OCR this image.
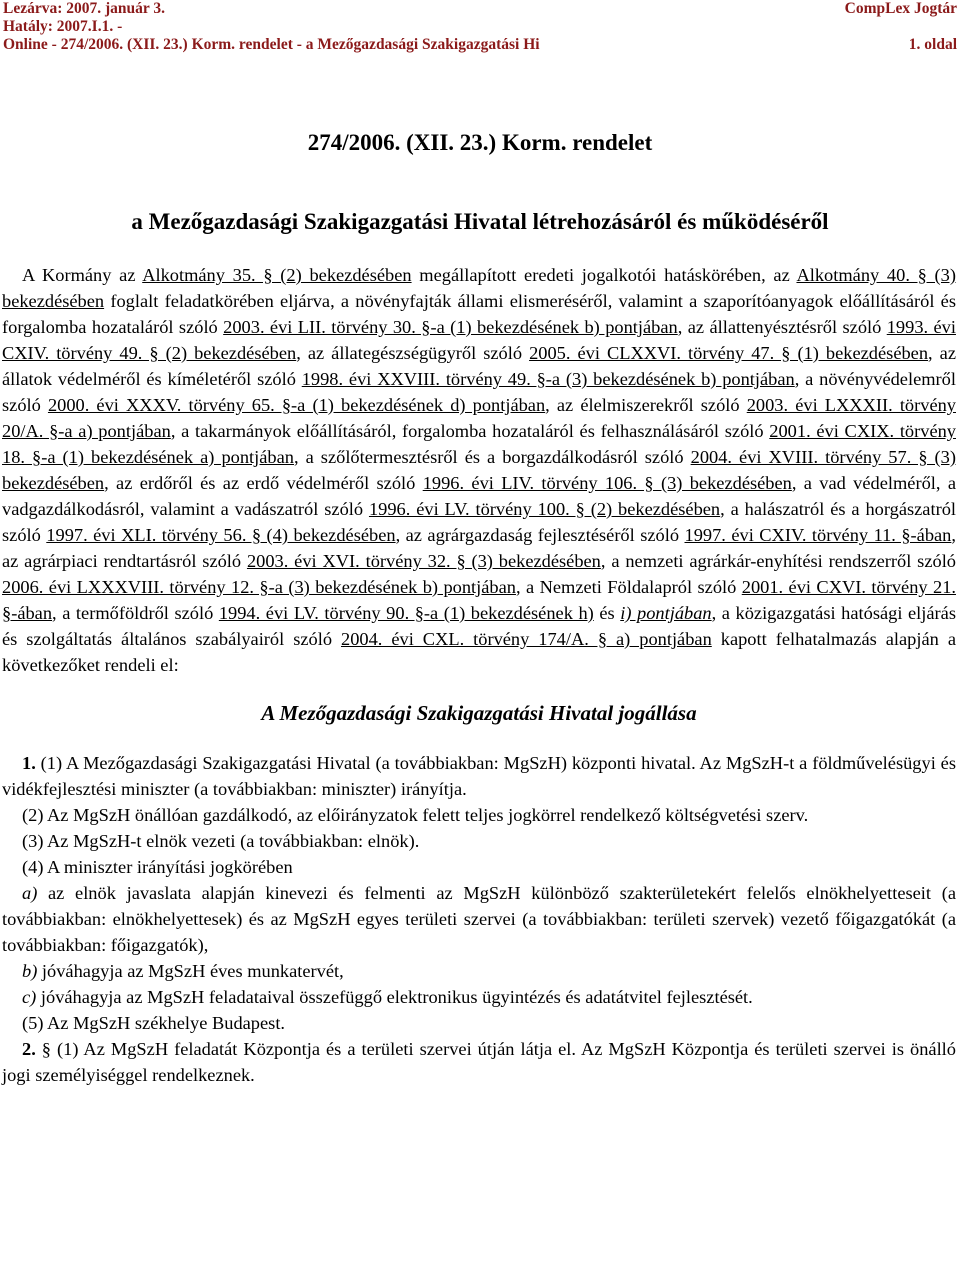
Lezárva: 2007. január 3.	CompLex Jogtár
Hatály: 2007.I.1. -
Online - 274/2006. (XII. 23.) Korm. rendelet - a Mezőgazdasági Szakigazgatási Hi	1. oldal
274/2006. (XII. 23.) Korm. rendelet
a Mezőgazdasági Szakigazgatási Hivatal létrehozásáról és működéséről

A Kormány az Alkotmány 35. § (2) bekezdésében megállapított eredeti jogalkotói hatáskörében, az Alkotmány 40. § (3) bekezdésében foglalt feladatkörében eljárva, a növényfajták állami elismeréséről, valamint a szaporítóanyagok előállításáról és forgalomba hozataláról szóló 2003. évi LII. törvény 30. §-a (1) bekezdésének b) pontjában, az állattenyésztésről szóló 1993. évi CXIV. törvény 49. § (2) bekezdésében, az állategészségügyről szóló 2005. évi CLXXVI. törvény 47. § (1) bekezdésében, az állatok védelméről és kíméletéről szóló 1998. évi XXVIII. törvény 49. §-a (3) bekezdésének b) pontjában, a növényvédelemről szóló 2000. évi XXXV. törvény 65. §-a (1) bekezdésének d) pontjában, az élelmiszerekről szóló 2003. évi LXXXII. törvény 20/A. §-a a) pontjában, a takarmányok előállításáról, forgalomba hozataláról és felhasználásáról szóló 2001. évi CXIX. törvény 18. §-a (1) bekezdésének a) pontjában, a szőlőtermesztésről és a borgazdálkodásról szóló 2004. évi XVIII. törvény 57. § (3) bekezdésében, az erdőről és az erdő védelméről szóló 1996. évi LIV. törvény 106. § (3) bekezdésében, a vad védelméről, a vadgazdálkodásról, valamint a vadászatról szóló 1996. évi LV. törvény 100. § (2) bekezdésében, a halászatról és a horgászatról szóló 1997. évi XLI. törvény 56. § (4) bekezdésében, az agrárgazdaság fejlesztéséről szóló 1997. évi CXIV. törvény 11. §-ában, az agrárpiaci rendtartásról szóló 2003. évi XVI. törvény 32. § (3) bekezdésében, a nemzeti agrárkár-enyhítési rendszerről szóló 2006. évi LXXXVIII. törvény 12. §-a (3) bekezdésének b) pontjában, a Nemzeti Földalapról szóló 2001. évi CXVI. törvény 21. §-ában, a termőföldről szóló 1994. évi LV. törvény 90. §-a (1) bekezdésének h) és i) pontjában, a közigazgatási hatósági eljárás és szolgáltatás általános szabályairól szóló 2004. évi CXL. törvény 174/A. § a) pontjában kapott felhatalmazás alapján a következőket rendeli el:

A Mezőgazdasági Szakigazgatási Hivatal jogállása

1. (1) A Mezőgazdasági Szakigazgatási Hivatal (a továbbiakban: MgSzH) központi hivatal. Az MgSzH-t a földművelésügyi és vidékfejlesztési miniszter (a továbbiakban: miniszter) irányítja.

(2) Az MgSzH önállóan gazdálkodó, az előirányzatok felett teljes jogkörrel rendelkező költségvetési szerv.

(3) Az MgSzH-t elnök vezeti (a továbbiakban: elnök).

(4) A miniszter irányítási jogkörében

a) az elnök javaslata alapján kinevezi és felmenti az MgSzH különböző szakterületekért felelős elnökhelyetteseit (a továbbiakban: elnökhelyettesek) és az MgSzH egyes területi szervei (a továbbiakban: területi szervek) vezető főigazgatókát (a továbbiakban: főigazgatók),

b) jóváhagyja az MgSzH éves munkatervét,

c) jóváhagyja az MgSzH feladataival összefüggő elektronikus ügyintézés és adatátvitel fejlesztését.

(5) Az MgSzH székhelye Budapest.

2. § (1) Az MgSzH feladatát Központja és a területi szervei útján látja el. Az MgSzH Központja és területi szervei is önálló jogi személyiséggel rendelkeznek.
